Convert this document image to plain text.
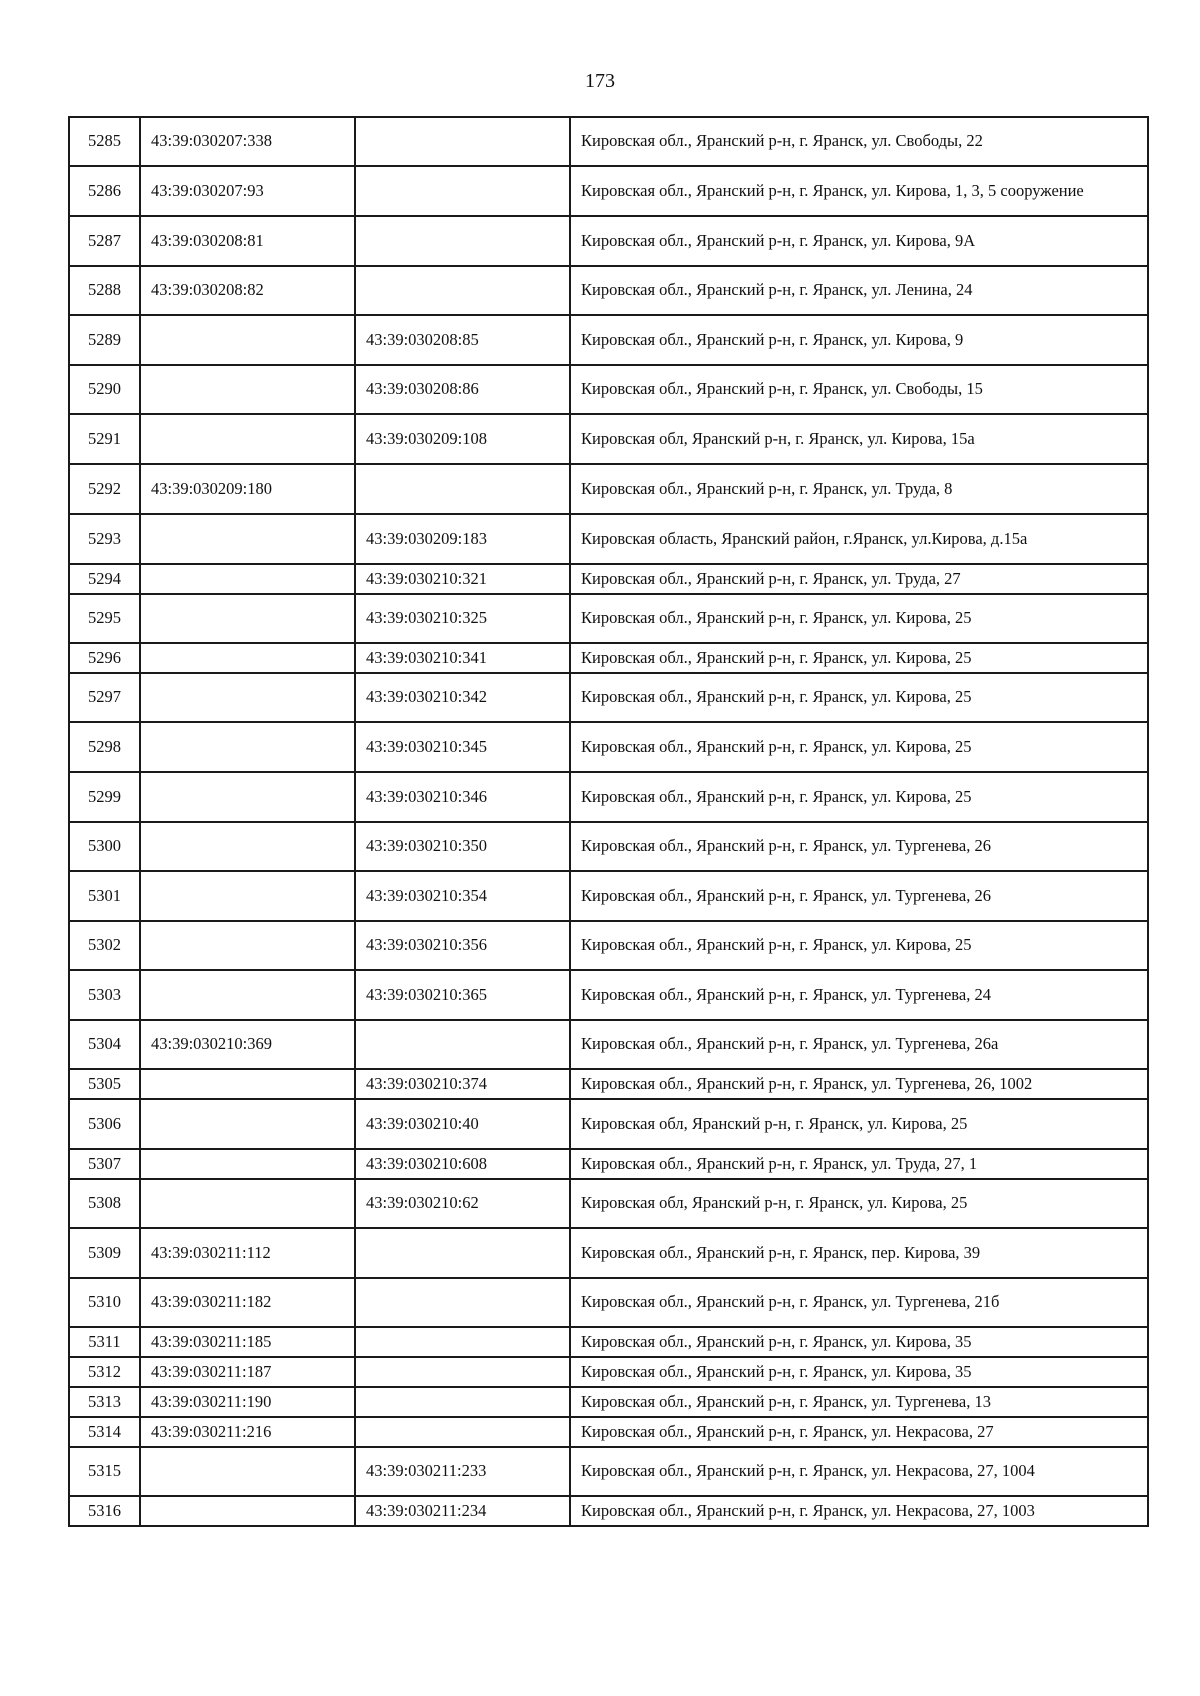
173
5285	43:39:030207:338		Кировская обл., Яранский р-н, г. Яранск, ул. Свободы, 22
5286	43:39:030207:93		Кировская обл., Яранский р-н, г. Яранск, ул. Кирова, 1, 3, 5 сооружение
5287	43:39:030208:81		Кировская обл., Яранский р-н, г. Яранск, ул. Кирова, 9А
5288	43:39:030208:82		Кировская обл., Яранский р-н, г. Яранск, ул. Ленина, 24
5289		43:39:030208:85	Кировская обл., Яранский р-н, г. Яранск, ул. Кирова, 9
5290		43:39:030208:86	Кировская обл., Яранский р-н, г. Яранск, ул. Свободы, 15
5291		43:39:030209:108	Кировская обл, Яранский р-н, г. Яранск, ул. Кирова, 15а
5292	43:39:030209:180		Кировская обл., Яранский р-н, г. Яранск, ул. Труда, 8
5293		43:39:030209:183	Кировская область, Яранский район, г.Яранск, ул.Кирова, д.15а
5294		43:39:030210:321	Кировская обл., Яранский р-н, г. Яранск, ул. Труда, 27
5295		43:39:030210:325	Кировская обл., Яранский р-н, г. Яранск, ул. Кирова, 25
5296		43:39:030210:341	Кировская обл., Яранский р-н, г. Яранск, ул. Кирова, 25
5297		43:39:030210:342	Кировская обл., Яранский р-н, г. Яранск, ул. Кирова, 25
5298		43:39:030210:345	Кировская обл., Яранский р-н, г. Яранск, ул. Кирова, 25
5299		43:39:030210:346	Кировская обл., Яранский р-н, г. Яранск, ул. Кирова, 25
5300		43:39:030210:350	Кировская обл., Яранский р-н, г. Яранск, ул. Тургенева, 26
5301		43:39:030210:354	Кировская обл., Яранский р-н, г. Яранск, ул. Тургенева, 26
5302		43:39:030210:356	Кировская обл., Яранский р-н, г. Яранск, ул. Кирова, 25
5303		43:39:030210:365	Кировская обл., Яранский р-н, г. Яранск, ул. Тургенева, 24
5304	43:39:030210:369		Кировская обл., Яранский р-н, г. Яранск, ул. Тургенева, 26а
5305		43:39:030210:374	Кировская обл., Яранский р-н, г. Яранск, ул. Тургенева, 26, 1002
5306		43:39:030210:40	Кировская обл, Яранский р-н, г. Яранск, ул. Кирова, 25
5307		43:39:030210:608	Кировская обл., Яранский р-н, г. Яранск, ул. Труда, 27, 1
5308		43:39:030210:62	Кировская обл, Яранский р-н, г. Яранск, ул. Кирова, 25
5309	43:39:030211:112		Кировская обл., Яранский р-н, г. Яранск, пер. Кирова, 39
5310	43:39:030211:182		Кировская обл., Яранский р-н, г. Яранск, ул. Тургенева, 21б
5311	43:39:030211:185		Кировская обл., Яранский р-н, г. Яранск, ул. Кирова, 35
5312	43:39:030211:187		Кировская обл., Яранский р-н, г. Яранск, ул. Кирова, 35
5313	43:39:030211:190		Кировская обл., Яранский р-н, г. Яранск, ул. Тургенева, 13
5314	43:39:030211:216		Кировская обл., Яранский р-н, г. Яранск, ул. Некрасова, 27
5315		43:39:030211:233	Кировская обл., Яранский р-н, г. Яранск, ул. Некрасова, 27, 1004
5316		43:39:030211:234	Кировская обл., Яранский р-н, г. Яранск, ул. Некрасова, 27, 1003
